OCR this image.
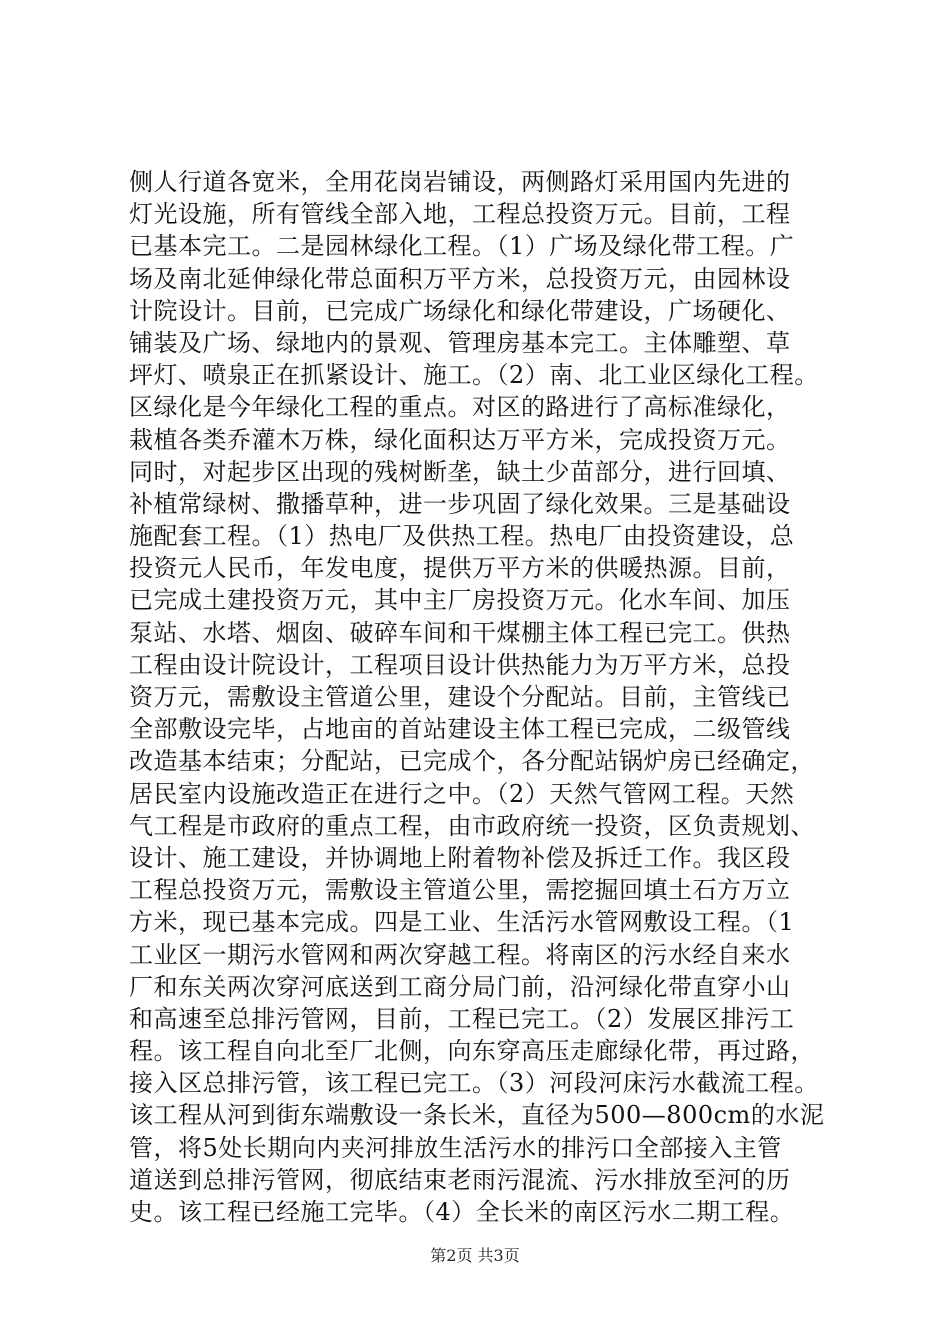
侧人行道各宽米，全用花岗岩铺设，两侧路灯采用国内先进的
灯光设施，所有管线全部入地，工程总投资万元。目前，工程
已基本完工。二是园林绿化工程。（1）广场及绿化带工程。广
场及南北延伸绿化带总面积万平方米，总投资万元，由园林设
计院设计。目前，已完成广场绿化和绿化带建设，广场硬化、
铺装及广场、绿地内的景观、管理房基本完工。主体雕塑、草
坪灯、喷泉正在抓紧设计、施工。（2）南、北工业区绿化工程。
区绿化是今年绿化工程的重点。对区的路进行了高标准绿化，
栽植各类乔灌木万株，绿化面积达万平方米，完成投资万元。
同时，对起步区出现的残树断垄，缺土少苗部分，进行回填、
补植常绿树、撒播草种，进一步巩固了绿化效果。三是基础设
施配套工程。（1）热电厂及供热工程。热电厂由投资建设，总
投资元人民币，年发电度，提供万平方米的供暖热源。目前，
已完成土建投资万元，其中主厂房投资万元。化水车间、加压
泵站、水塔、烟囱、破碎车间和干煤棚主体工程已完工。供热
工程由设计院设计，工程项目设计供热能力为万平方米，总投
资万元，需敷设主管道公里，建设个分配站。目前，主管线已
全部敷设完毕，占地亩的首站建设主体工程已完成，二级管线
改造基本结束；分配站，已完成个，各分配站锅炉房已经确定，
居民室内设施改造正在进行之中。（2）天然气管网工程。天然
气工程是市政府的重点工程，由市政府统一投资，区负责规划、
设计、施工建设，并协调地上附着物补偿及拆迁工作。我区段
工程总投资万元，需敷设主管道公里，需挖掘回填土石方万立
方米，现已基本完成。四是工业、生活污水管网敷设工程。（1
工业区一期污水管网和两次穿越工程。将南区的污水经自来水
厂和东关两次穿河底送到工商分局门前，沿河绿化带直穿小山
和高速至总排污管网，目前，工程已完工。（2）发展区排污工
程。该工程自向北至厂北侧，向东穿高压走廊绿化带，再过路，
接入区总排污管，该工程已完工。（3）河段河床污水截流工程。
该工程从河到街东端敷设一条长米，直径为500—800cm的水泥
管，将5处长期向内夹河排放生活污水的排污口全部接入主管
道送到总排污管网，彻底结束老雨污混流、污水排放至河的历
史。该工程已经施工完毕。（4）全长米的南区污水二期工程。
第2页 共3页
